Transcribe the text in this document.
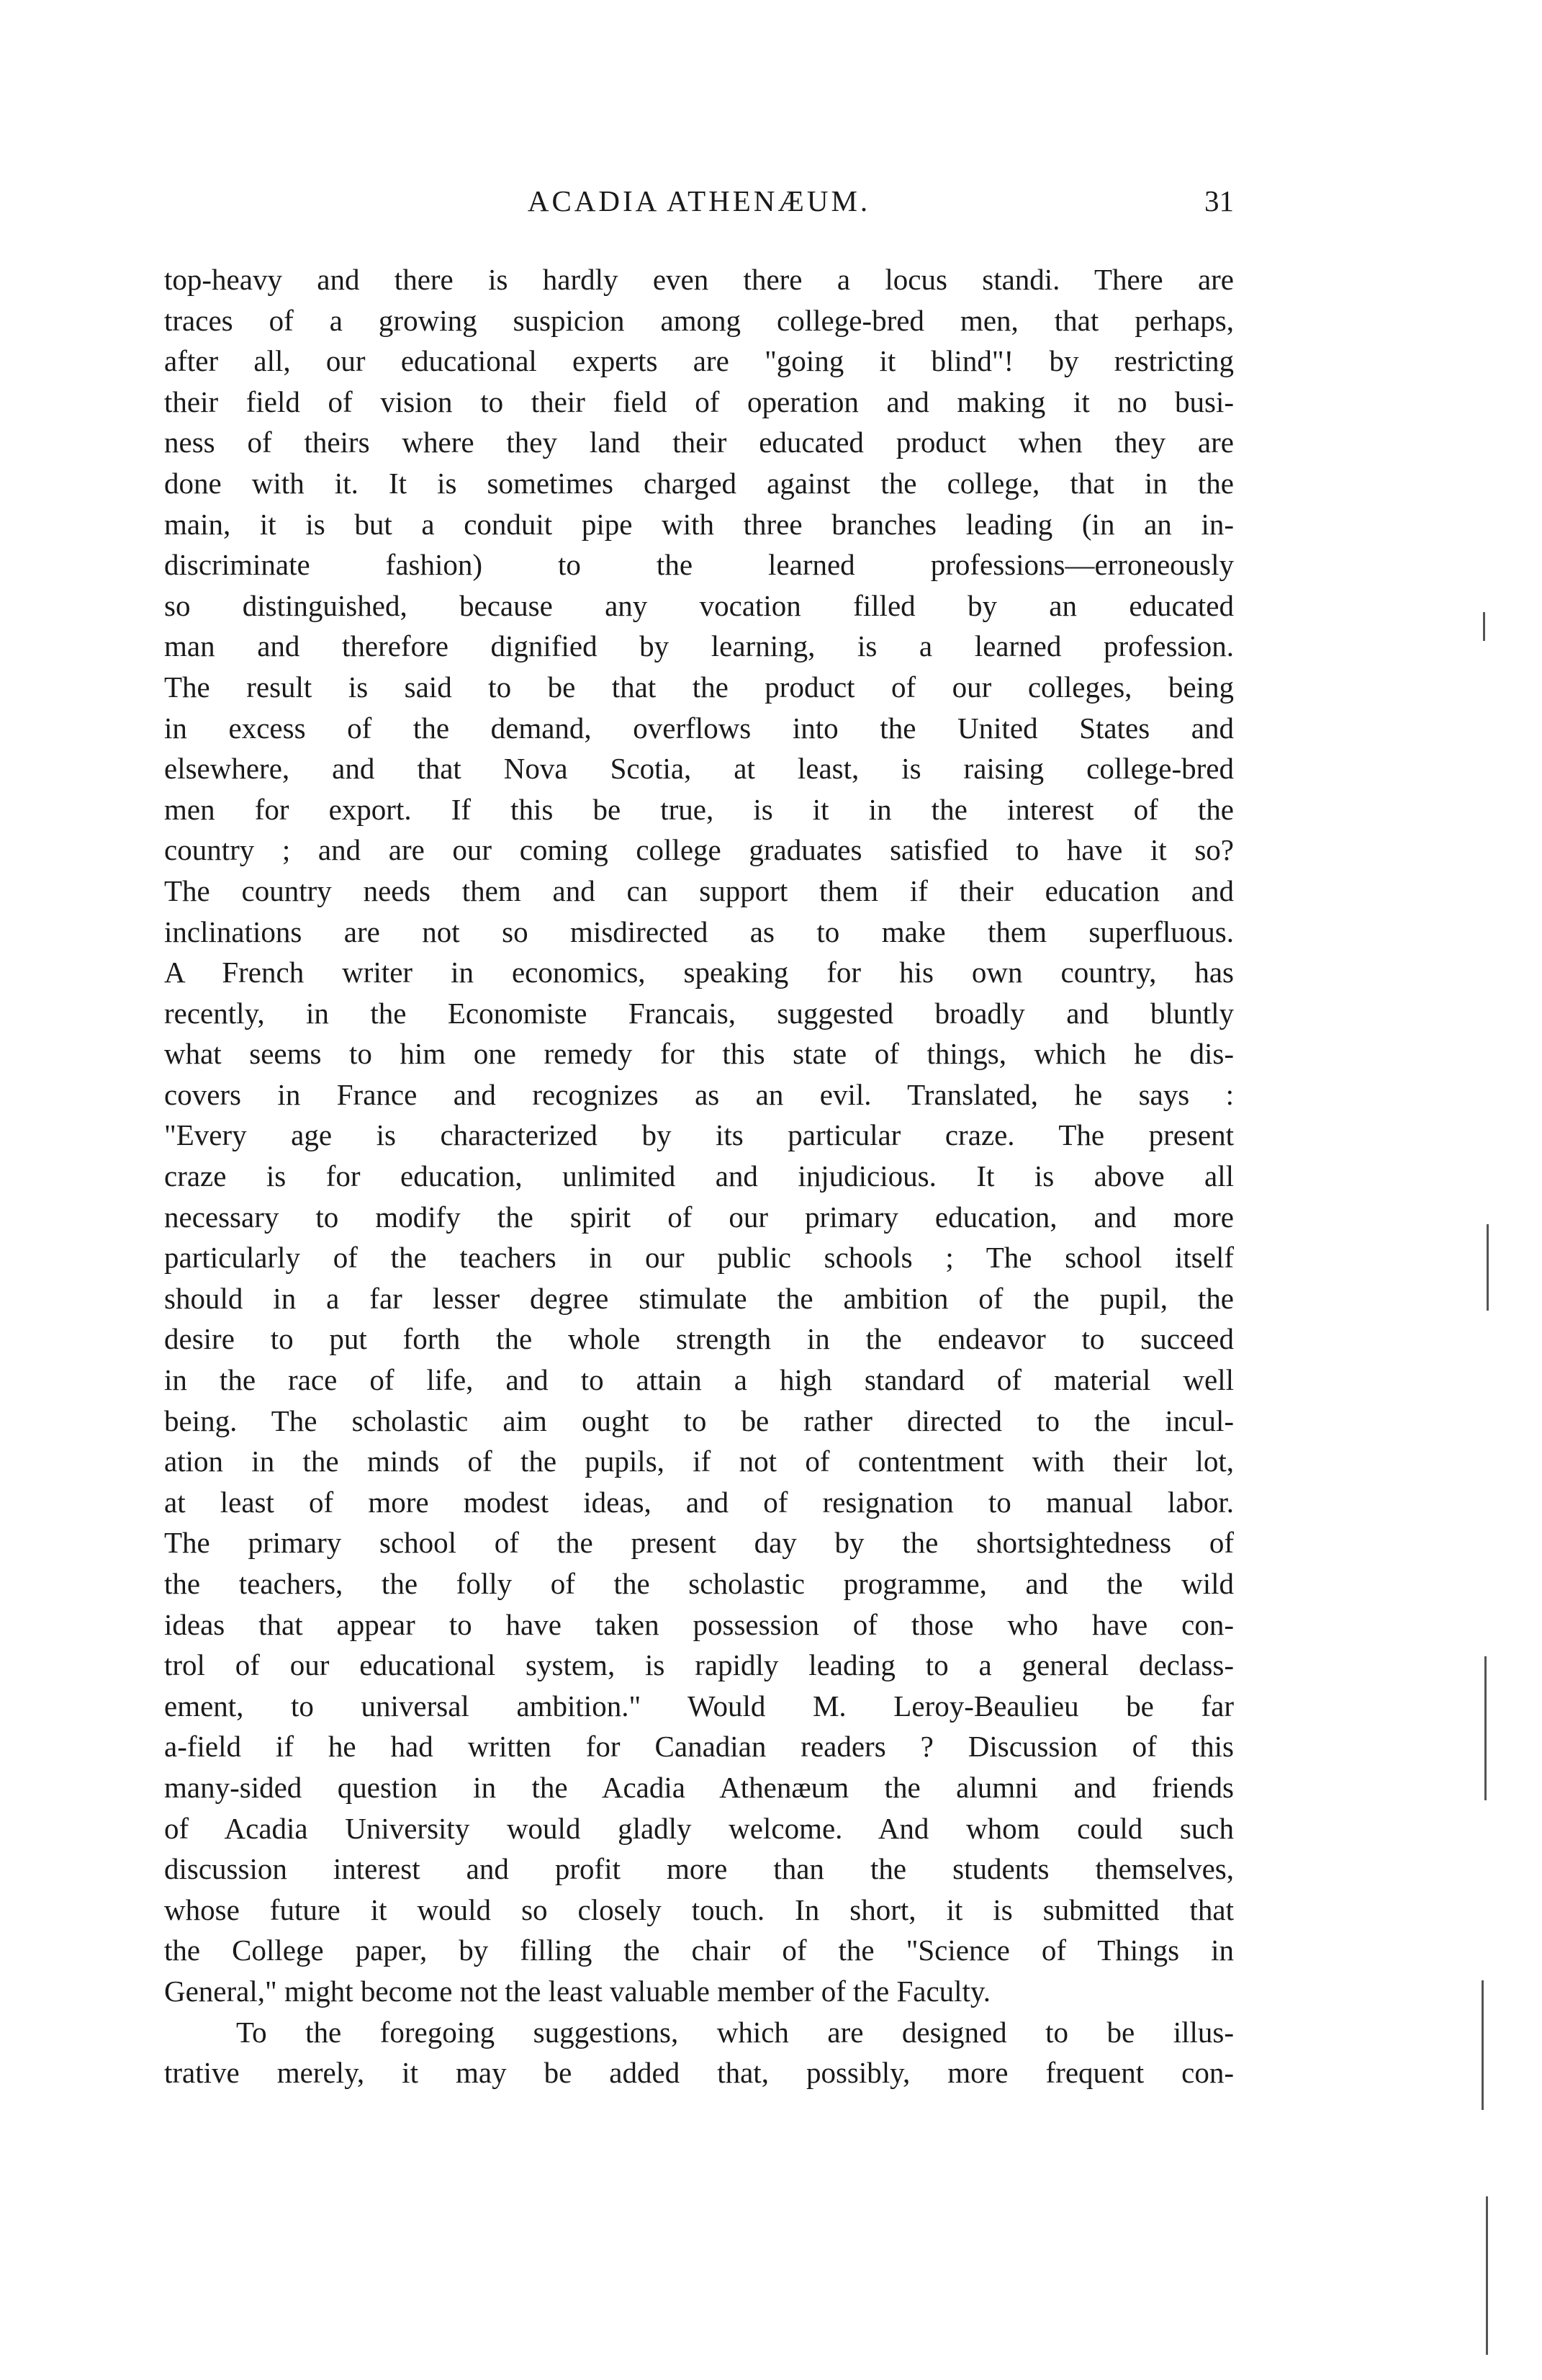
ACADIA ATHENÆUM.	31
top-heavy and there is hardly even there a locus standi. There are
traces of a growing suspicion among college-bred men, that perhaps,
after all, our educational experts are "going it blind"! by restricting
their field of vision to their field of operation and making it no busi-
ness of theirs where they land their educated product when they are
done with it. It is sometimes charged against the college, that in the
main, it is but a conduit pipe with three branches leading (in an in-
discriminate fashion) to the learned professions—erroneously
so distinguished, because any vocation filled by an educated
man and therefore dignified by learning, is a learned profession.
The result is said to be that the product of our colleges, being
in excess of the demand, overflows into the United States and
elsewhere, and that Nova Scotia, at least, is raising college-bred
men for export. If this be true, is it in the interest of the
country ; and are our coming college graduates satisfied to have it so?
The country needs them and can support them if their education and
inclinations are not so misdirected as to make them superfluous.
A French writer in economics, speaking for his own country, has
recently, in the Economiste Francais, suggested broadly and bluntly
what seems to him one remedy for this state of things, which he dis-
covers in France and recognizes as an evil. Translated, he says :
"Every age is characterized by its particular craze. The present
craze is for education, unlimited and injudicious. It is above all
necessary to modify the spirit of our primary education, and more
particularly of the teachers in our public schools ; The school itself
should in a far lesser degree stimulate the ambition of the pupil, the
desire to put forth the whole strength in the endeavor to succeed
in the race of life, and to attain a high standard of material well
being. The scholastic aim ought to be rather directed to the incul-
ation in the minds of the pupils, if not of contentment with their lot,
at least of more modest ideas, and of resignation to manual labor.
The primary school of the present day by the shortsightedness of
the teachers, the folly of the scholastic programme, and the wild
ideas that appear to have taken possession of those who have con-
trol of our educational system, is rapidly leading to a general declass-
ement, to universal ambition." Would M. Leroy-Beaulieu be far
a-field if he had written for Canadian readers ? Discussion of this
many-sided question in the Acadia Athenæum the alumni and friends
of Acadia University would gladly welcome. And whom could such
discussion interest and profit more than the students themselves,
whose future it would so closely touch. In short, it is submitted that
the College paper, by filling the chair of the "Science of Things in
General," might become not the least valuable member of the Faculty.
To the foregoing suggestions, which are designed to be illus-
trative merely, it may be added that, possibly, more frequent con-
